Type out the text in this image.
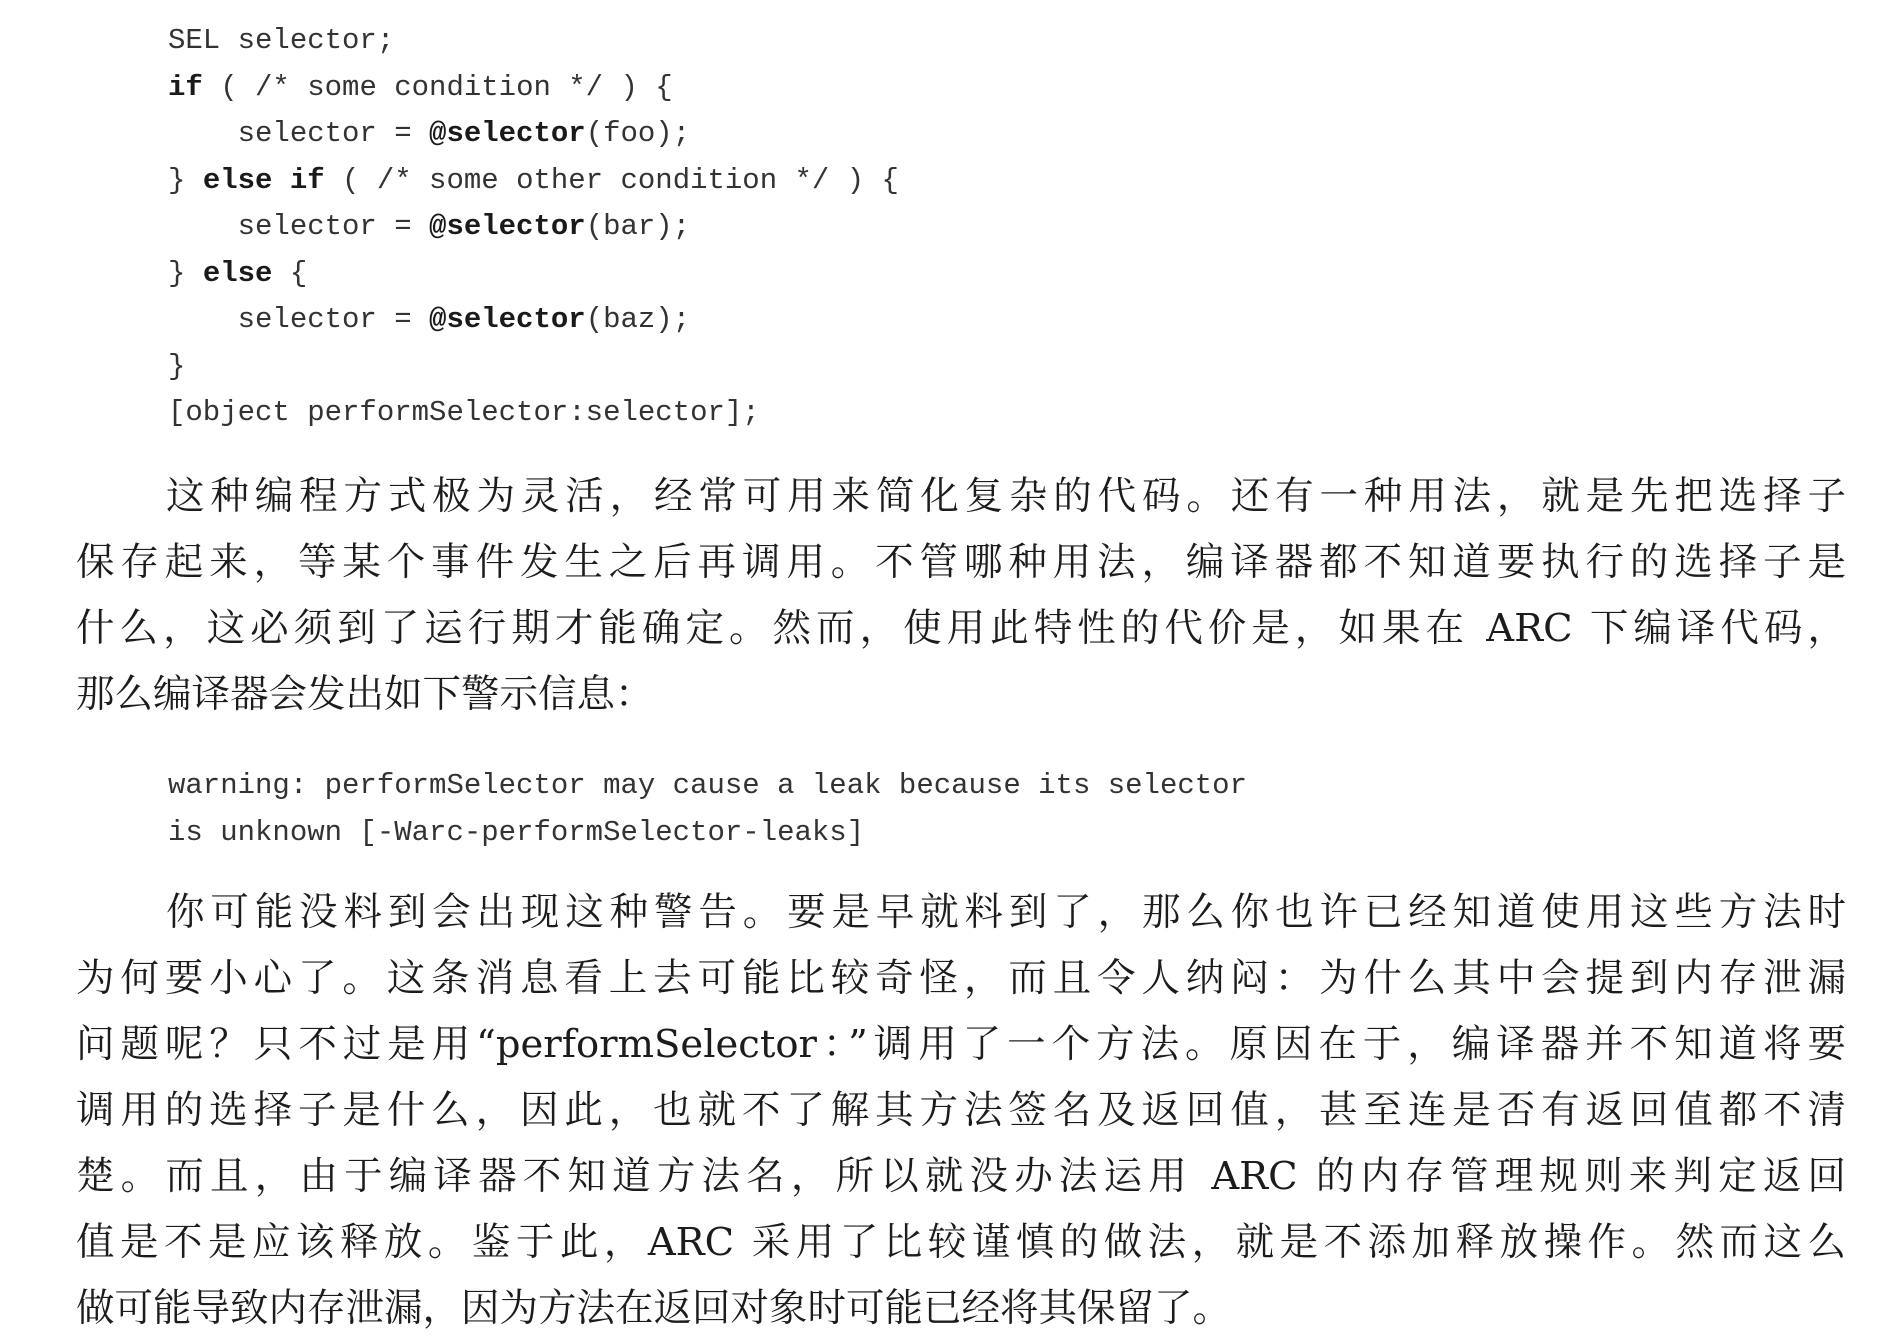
SEL selector;
if ( /* some condition */ ) {
selector = @selector(foo);
} else if ( /* some other condition */ ) {
selector = @selector(bar);
} else {
selector = @selector(baz);
}
[object performSelector:selector];

这种编程方式极为灵活，经常可用来简化复杂的代码。还有一种用法，就是先把选择子
保存起来，等某个事件发生之后再调用。不管哪种用法，编译器都不知道要执行的选择子是
什么，这必须到了运行期才能确定。然而，使用此特性的代价是，如果在 ARC 下编译代码，
那么编译器会发出如下警示信息：

warning: performSelector may cause a leak because its selector
is unknown [-Warc-performSelector-leaks]

你可能没料到会出现这种警告。要是早就料到了，那么你也许已经知道使用这些方法时
为何要小心了。这条消息看上去可能比较奇怪，而且令人纳闷：为什么其中会提到内存泄漏
问题呢？只不过是用“performSelector：”调用了一个方法。原因在于，编译器并不知道将要
调用的选择子是什么，因此，也就不了解其方法签名及返回值，甚至连是否有返回值都不清
楚。而且，由于编译器不知道方法名，所以就没办法运用 ARC 的内存管理规则来判定返回
值是不是应该释放。鉴于此，ARC 采用了比较谨慎的做法，就是不添加释放操作。然而这么
做可能导致内存泄漏，因为方法在返回对象时可能已经将其保留了。
